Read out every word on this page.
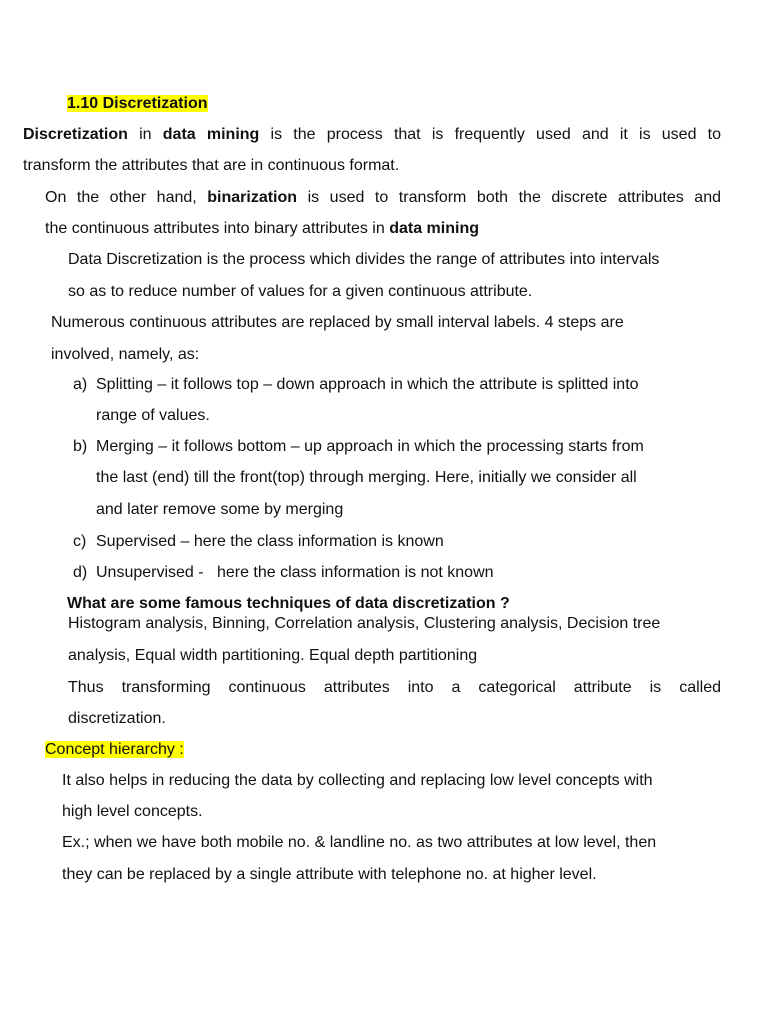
1.10 Discretization
Discretization in data mining is the process that is frequently used and it is used to
transform the attributes that are in continuous format.
On the other hand, binarization is used to transform both the discrete attributes and
the continuous attributes into binary attributes in data mining
Data Discretization is the process which divides the range of attributes into intervals
so as to reduce number of values for a given continuous attribute.
Numerous continuous attributes are replaced by small interval labels. 4 steps are
involved, namely, as:
a) Splitting – it follows top – down approach in which the attribute is splitted into
range of values.
b) Merging – it follows bottom – up approach in which the processing starts from
the last (end) till the front(top) through merging. Here, initially we consider all
and later remove some by merging
c) Supervised – here the class information is known
d) Unsupervised -   here the class information is not known
What are some famous techniques of data discretization ?
Histogram analysis, Binning, Correlation analysis, Clustering analysis, Decision tree
analysis, Equal width partitioning. Equal depth partitioning
Thus transforming continuous attributes into a categorical attribute is called
discretization.
Concept hierarchy :
It also helps in reducing the data by collecting and replacing low level concepts with
high level concepts.
Ex.; when we have both mobile no. & landline no. as two attributes at low level, then
they can be replaced by a single attribute with telephone no. at higher level.
